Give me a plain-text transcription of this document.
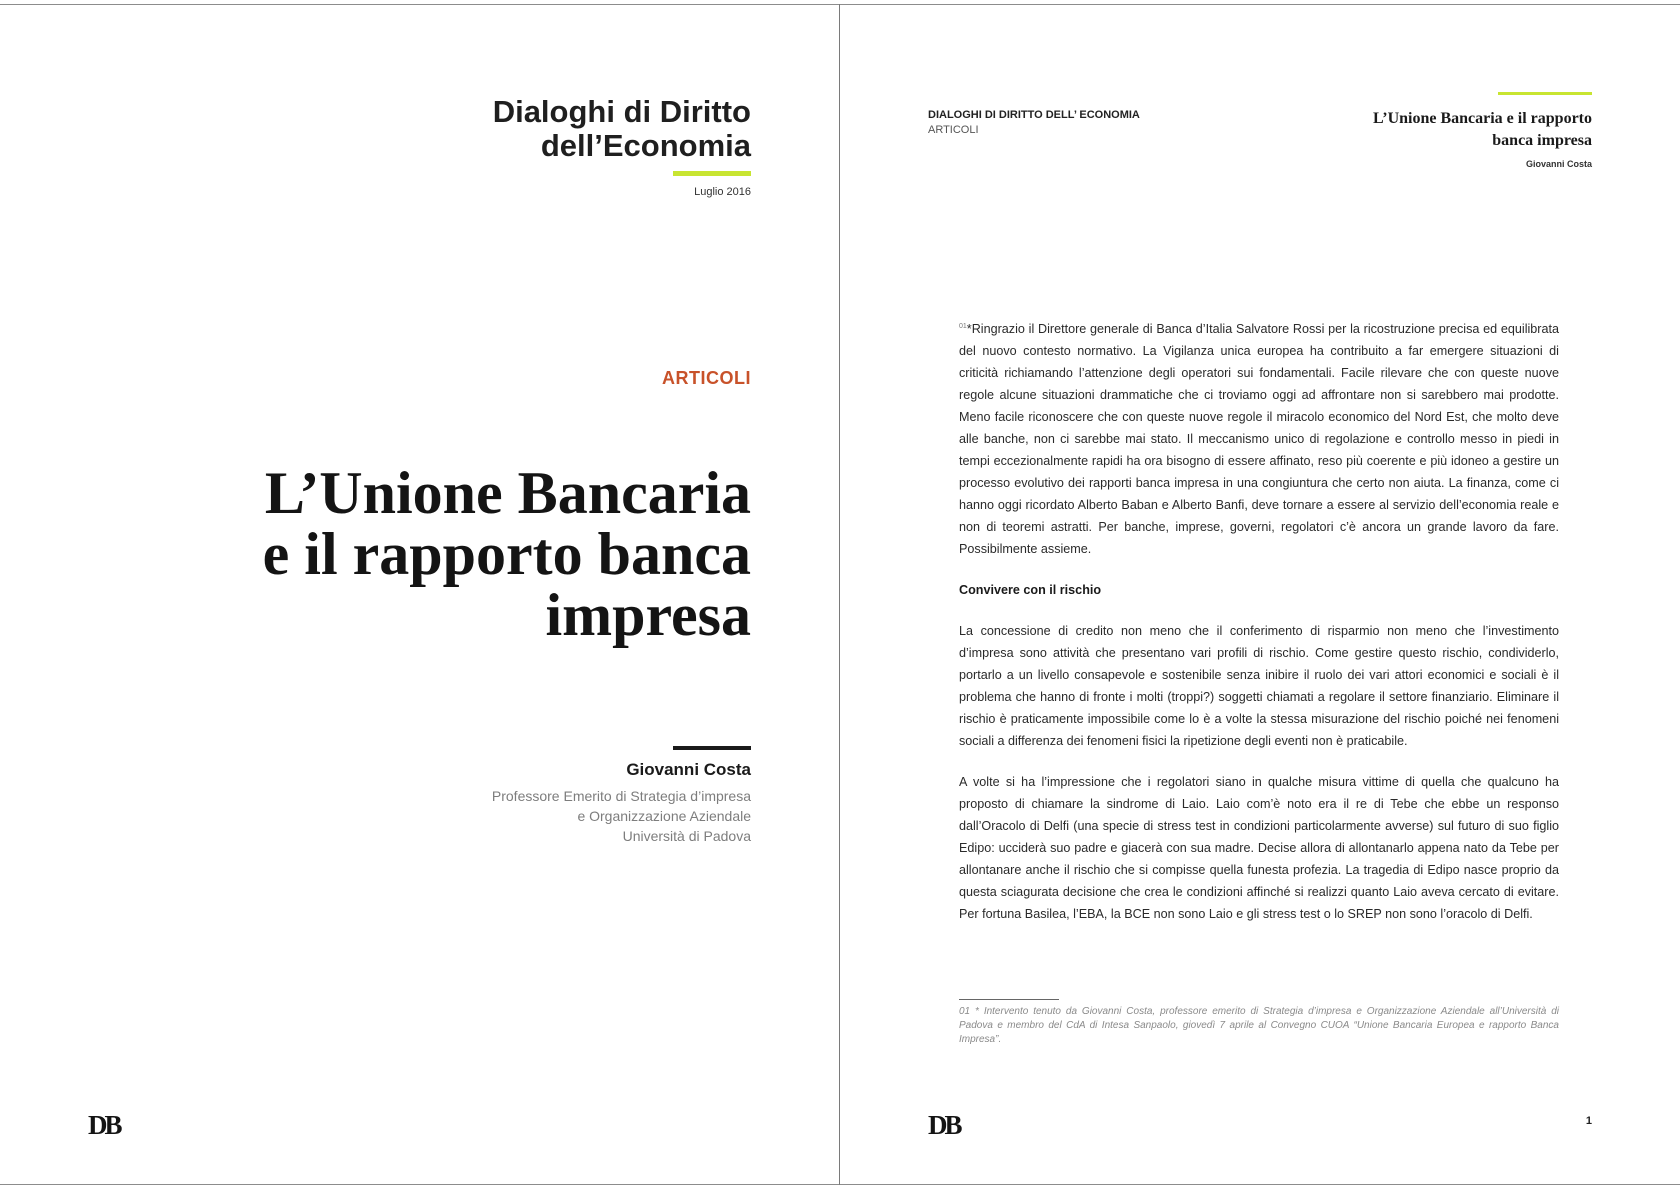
Dialoghi di Diritto
dell’Economia
Luglio 2016
ARTICOLI
L’Unione Bancaria
e il rapporto banca
impresa
Giovanni Costa
Professore Emerito di Strategia d’impresa
e Organizzazione Aziendale
Università di Padova
DB
DIALOGHI DI DIRITTO DELL’ ECONOMIA
ARTICOLI
L’Unione Bancaria e il rapporto
banca impresa
Giovanni Costa

$^{01}$*Ringrazio il Direttore generale di Banca d’Italia Salvatore Rossi per la ricostruzione precisa ed equilibrata del nuovo contesto normativo. La Vigilanza unica europea ha contribuito a far emergere situazioni di criticità richiamando l’attenzione degli operatori sui fondamentali. Facile rilevare che con queste nuove regole alcune situazioni drammatiche che ci troviamo oggi ad affrontare non si sarebbero mai prodotte. Meno facile riconoscere che con queste nuove regole il miracolo economico del Nord Est, che molto deve alle banche, non ci sarebbe mai stato. Il meccanismo unico di regolazione e controllo messo in piedi in tempi eccezionalmente rapidi ha ora bisogno di essere affinato, reso più coerente e più idoneo a gestire un processo evolutivo dei rapporti banca impresa in una congiuntura che certo non aiuta. La finanza, come ci hanno oggi ricordato Alberto Baban e Alberto Banfi, deve tornare a essere al servizio dell’economia reale e non di teoremi astratti. Per banche, imprese, governi, regolatori c’è ancora un grande lavoro da fare. Possibilmente assieme.

Convivere con il rischio

La concessione di credito non meno che il conferimento di risparmio non meno che l’investimento d’impresa sono attività che presentano vari profili di rischio. Come gestire questo rischio, condividerlo, portarlo a un livello consapevole e sostenibile senza inibire il ruolo dei vari attori economici e sociali è il problema che hanno di fronte i molti (troppi?) soggetti chiamati a regolare il settore finanziario. Eliminare il rischio è praticamente impossibile come lo è a volte la stessa misurazione del rischio poiché nei fenomeni sociali a differenza dei fenomeni fisici la ripetizione degli eventi non è praticabile.

A volte si ha l’impressione che i regolatori siano in qualche misura vittime di quella che qualcuno ha proposto di chiamare la sindrome di Laio. Laio com’è noto era il re di Tebe che ebbe un responso dall’Oracolo di Delfi (una specie di stress test in condizioni particolarmente avverse) sul futuro di suo figlio Edipo: ucciderà suo padre e giacerà con sua madre. Decise allora di allontanarlo appena nato da Tebe per allontanare anche il rischio che si compisse quella funesta profezia. La tragedia di Edipo nasce proprio da questa sciagurata decisione che crea le condizioni affinché si realizzi quanto Laio aveva cercato di evitare. Per fortuna Basilea, l’EBA, la BCE non sono Laio e gli stress test o lo SREP non sono l’oracolo di Delfi.

01 * Intervento tenuto da Giovanni Costa, professore emerito di Strategia d’impresa e Organizzazione Aziendale all’Università di Padova e membro del CdA di Intesa Sanpaolo, giovedì 7 aprile al Convegno CUOA “Unione Bancaria Europea e rapporto Banca Impresa”.
DB	1
